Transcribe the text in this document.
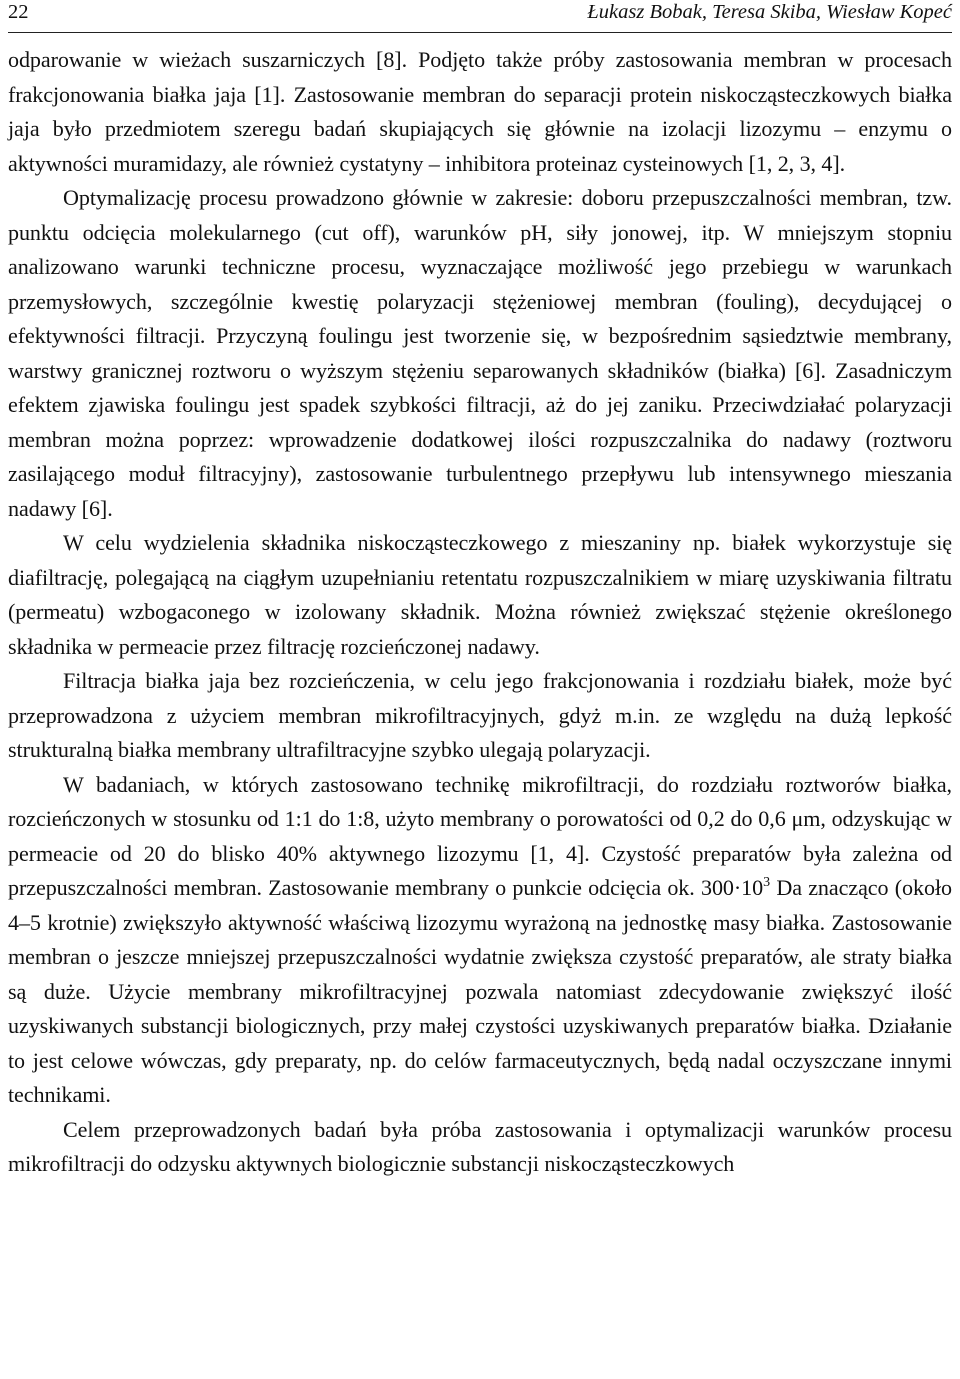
22	Łukasz Bobak, Teresa Skiba, Wiesław Kopeć

odparowanie w wieżach suszarniczych [8]. Podjęto także próby zastosowania membran w procesach frakcjonowania białka jaja [1]. Zastosowanie membran do separacji protein niskocząsteczkowych białka jaja było przedmiotem szeregu badań skupiających się głównie na izolacji lizozymu – enzymu o aktywności muramidazy, ale również cystatyny – inhibitora proteinaz cysteinowych [1, 2, 3, 4].

Optymalizację procesu prowadzono głównie w zakresie: doboru przepuszczalności membran, tzw. punktu odcięcia molekularnego (cut off), warunków pH, siły jonowej, itp. W mniejszym stopniu analizowano warunki techniczne procesu, wyznaczające możliwość jego przebiegu w warunkach przemysłowych, szczególnie kwestię polaryzacji stężeniowej membran (fouling), decydującej o efektywności filtracji. Przyczyną foulingu jest tworzenie się, w bezpośrednim sąsiedztwie membrany, warstwy granicznej roztworu o wyższym stężeniu separowanych składników (białka) [6]. Zasadniczym efektem zjawiska foulingu jest spadek szybkości filtracji, aż do jej zaniku. Przeciwdziałać polaryzacji membran można poprzez: wprowadzenie dodatkowej ilości rozpuszczalnika do nadawy (roztworu zasilającego moduł filtracyjny), zastosowanie turbulentnego przepływu lub intensywnego mieszania nadawy [6].

W celu wydzielenia składnika niskocząsteczkowego z mieszaniny np. białek wykorzystuje się diafiltrację, polegającą na ciągłym uzupełnianiu retentatu rozpuszczalnikiem w miarę uzyskiwania filtratu (permeatu) wzbogaconego w izolowany składnik. Można również zwiększać stężenie określonego składnika w permeacie przez filtrację rozcieńczonej nadawy.

Filtracja białka jaja bez rozcieńczenia, w celu jego frakcjonowania i rozdziału białek, może być przeprowadzona z użyciem membran mikrofiltracyjnych, gdyż m.in. ze względu na dużą lepkość strukturalną białka membrany ultrafiltracyjne szybko ulegają polaryzacji.

W badaniach, w których zastosowano technikę mikrofiltracji, do rozdziału roztworów białka, rozcieńczonych w stosunku od 1:1 do 1:8, użyto membrany o porowatości od 0,2 do 0,6 μm, odzyskując w permeacie od 20 do blisko 40% aktywnego lizozymu [1, 4]. Czystość preparatów była zależna od przepuszczalności membran. Zastosowanie membrany o punkcie odcięcia ok. $300\cdot 10^3$ Da znacząco (około 4–5 krotnie) zwiększyło aktywność właściwą lizozymu wyrażoną na jednostkę masy białka. Zastosowanie membran o jeszcze mniejszej przepuszczalności wydatnie zwiększa czystość preparatów, ale straty białka są duże. Użycie membrany mikrofiltracyjnej pozwala natomiast zdecydowanie zwiększyć ilość uzyskiwanych substancji biologicznych, przy małej czystości uzyskiwanych preparatów białka. Działanie to jest celowe wówczas, gdy preparaty, np. do celów farmaceutycznych, będą nadal oczyszczane innymi technikami.

Celem przeprowadzonych badań była próba zastosowania i optymalizacji warunków procesu mikrofiltracji do odzysku aktywnych biologicznie substancji niskocząsteczkowych
